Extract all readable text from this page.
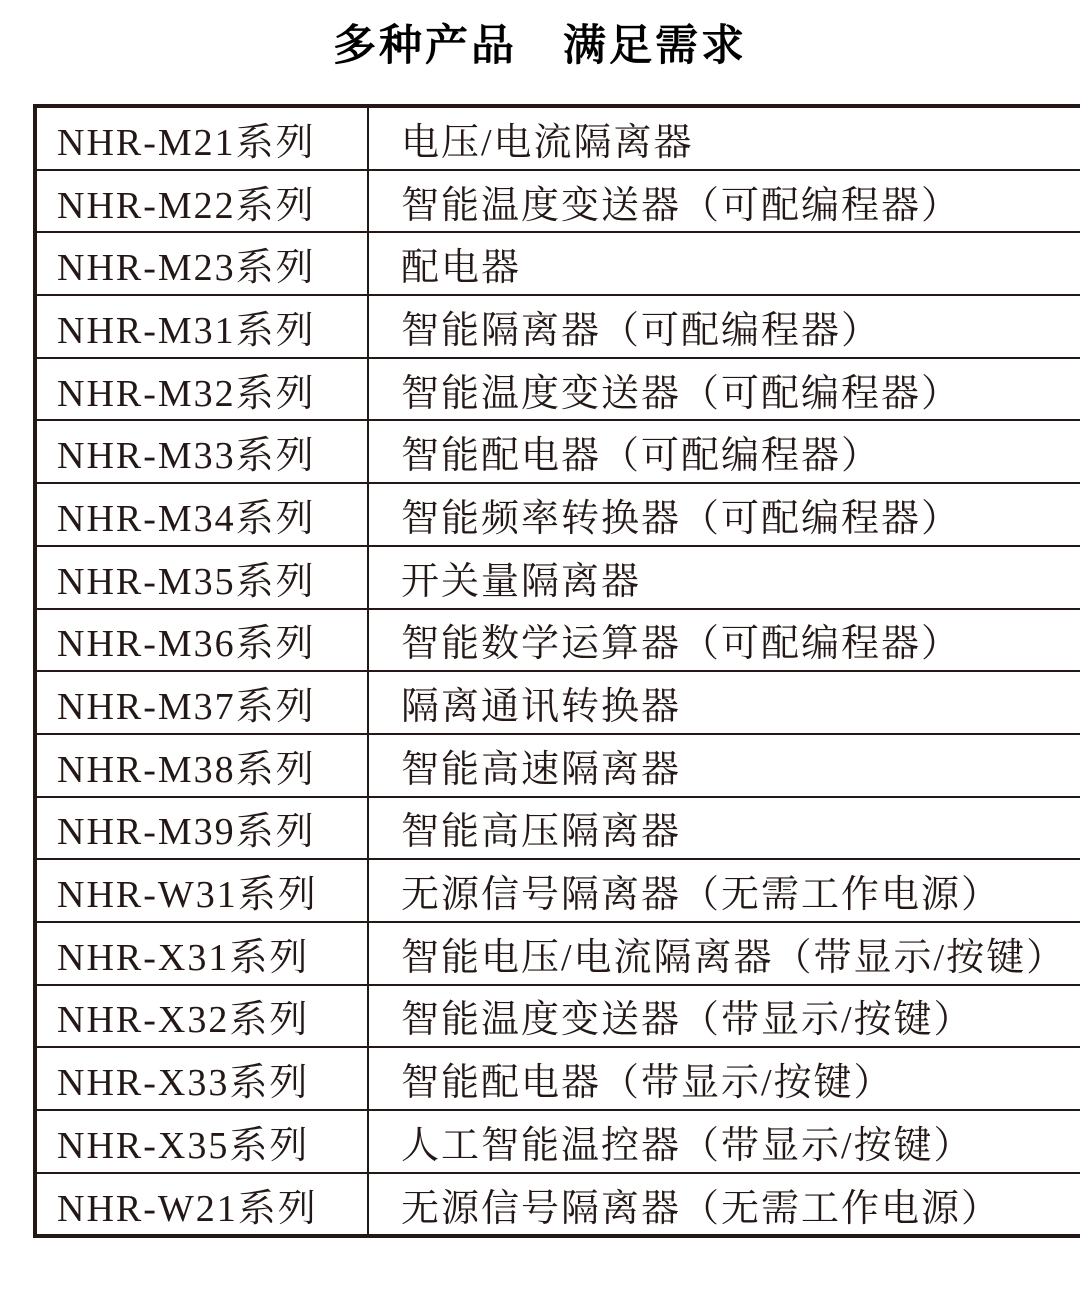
多种产品　满足需求
NHR-M21系列	电压/电流隔离器
NHR-M22系列	智能温度变送器（可配编程器）
NHR-M23系列	配电器
NHR-M31系列	智能隔离器（可配编程器）
NHR-M32系列	智能温度变送器（可配编程器）
NHR-M33系列	智能配电器（可配编程器）
NHR-M34系列	智能频率转换器（可配编程器）
NHR-M35系列	开关量隔离器
NHR-M36系列	智能数学运算器（可配编程器）
NHR-M37系列	隔离通讯转换器
NHR-M38系列	智能高速隔离器
NHR-M39系列	智能高压隔离器
NHR-W31系列	无源信号隔离器（无需工作电源）
NHR-X31系列	智能电压/电流隔离器（带显示/按键）
NHR-X32系列	智能温度变送器（带显示/按键）
NHR-X33系列	智能配电器（带显示/按键）
NHR-X35系列	人工智能温控器（带显示/按键）
NHR-W21系列	无源信号隔离器（无需工作电源）
